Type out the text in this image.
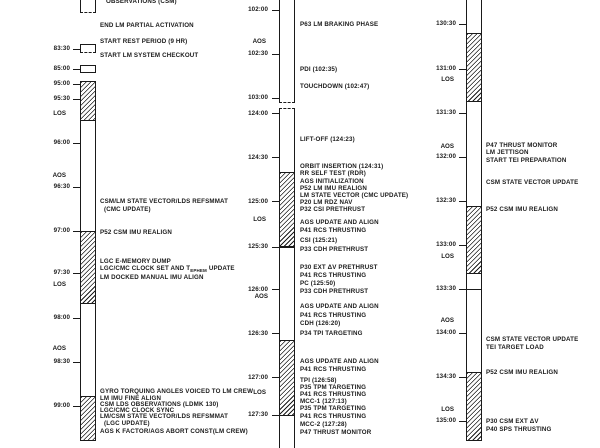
83:30
85:00
95:00
95:30
96:00
96:30
97:00
97:30
98:00
98:30
99:00
LOS
AOS
LOS
AOS
OBSERVATIONS (CSM)
END LM PARTIAL ACTIVATION
START REST PERIOD (9 HR)
START LM SYSTEM CHECKOUT
CSM/LM STATE VECTOR/LDS REFSMMAT
(CMC UPDATE)
P52 CSM IMU REALIGN
LGC E-MEMORY DUMP
LGC/CMC CLOCK SET AND $T_{EPHEM}$ UPDATE
LM DOCKED MANUAL IMU ALIGN
GYRO TORQUING ANGLES VOICED TO LM CREW
LM IMU FINE ALIGN
CSM LDS OBSERVATIONS (LDMK 130)
LGC/CMC CLOCK SYNC
LM/CSM STATE VECTOR/LDS REFSMMAT
(LGC UPDATE)
AGS K FACTOR/AGS ABORT CONST(LM CREW)
102:00
102:30
103:00
124:00
124:30
125:00
125:30
126:00
126:30
127:00
127:30
AOS
LOS
AOS
LOS
P63 LM BRAKING PHASE
PDI (102:35)
TOUCHDOWN (102:47)
LIFT-OFF (124:23)
ORBIT INSERTION (124:31)
RR SELF TEST (RDR)
AGS INITIALIZATION
P52 LM IMU REALIGN
LM STATE VECTOR (CMC UPDATE)
P20 LM RDZ NAV
P32 CSI PRETHRUST
AGS UPDATE AND ALIGN
P41 RCS THRUSTING
CSI (125:21)
P33 CDH PRETHRUST
P30 EXT ΔV PRETHRUST
P41 RCS THRUSTING
PC (125:50)
P33 CDH PRETHRUST
AGS UPDATE AND ALIGN
P41 RCS THRUSTING
CDH (126:20)
P34 TPI TARGETING
AGS UPDATE AND ALIGN
P41 RCS THRUSTING
TPI (126:58)
P35 TPM TARGETING
P41 RCS THRUSTING
MCC-1 (127:13)
P35 TPM TARGETING
P41 RCS THRUSTING
MCC-2 (127:28)
P47 THRUST MONITOR
130:30
131:00
131:30
132:00
132:30
133:00
133:30
134:00
134:30
135:00
LOS
AOS
LOS
AOS
LOS
P47 THRUST MONITOR
LM JETTISON
START TEI PREPARATION
CSM STATE VECTOR UPDATE
P52 CSM IMU REALIGN
CSM STATE VECTOR UPDATE
TEI TARGET LOAD
P52 CSM IMU REALIGN
P30 CSM EXT ΔV
P40 SPS THRUSTING
